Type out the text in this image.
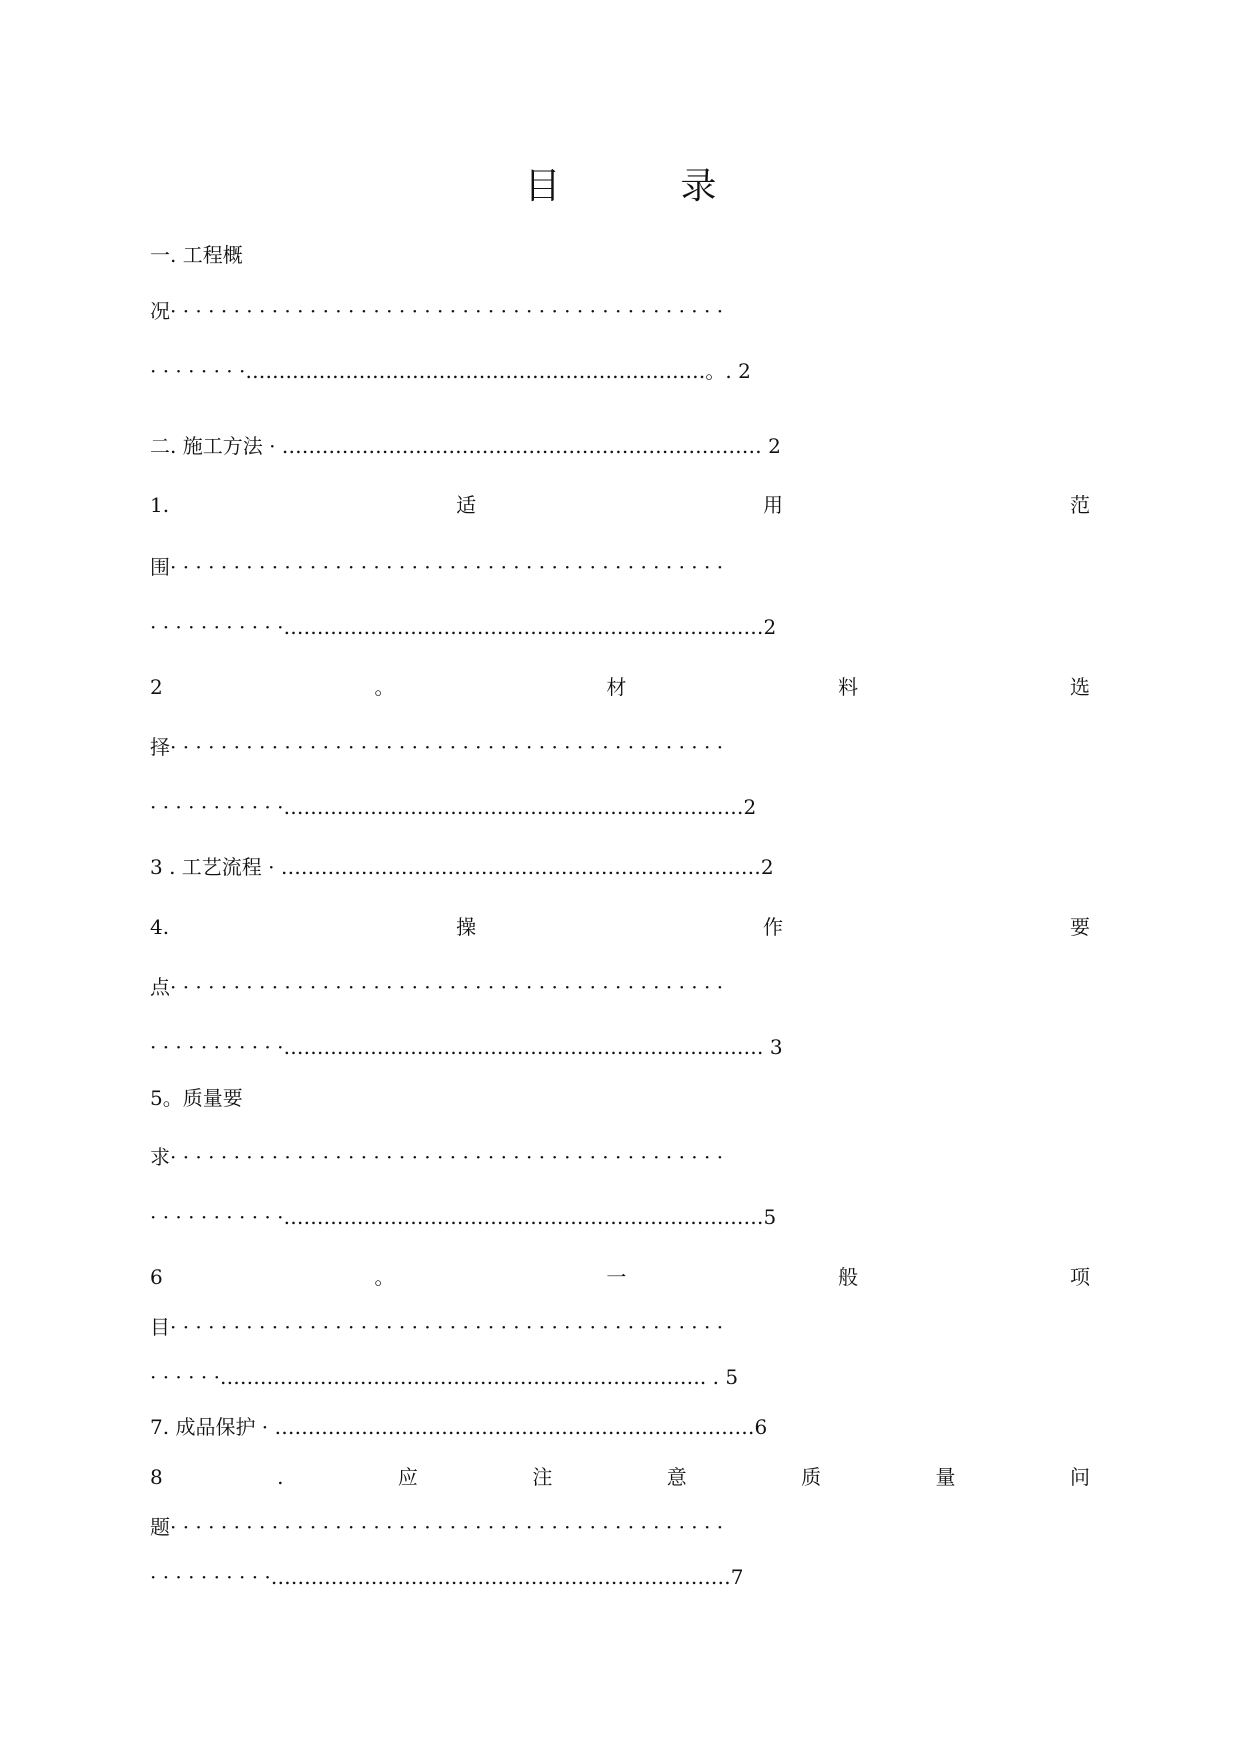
目	录
一. 工程概
况· · · · · · · · · · · · · · · · · · · · · · · · · · · · · · · · · · · · · · · · · · · ·
· · · · · · · ·……………………………………………………………。. 2
二. 施工方法 · ……………………………………………………………… 2
1.	适	用	范
围· · · · · · · · · · · · · · · · · · · · · · · · · · · · · · · · · · · · · · · · · · · ·
· · · · · · · · · · ·………………………………………………………………2
2	。	材	料	选
择· · · · · · · · · · · · · · · · · · · · · · · · · · · · · · · · · · · · · · · · · · · ·
· · · · · · · · · · ·……………………………………………………………2
3 . 工艺流程 · ………………………………………………………………2
4.	操	作	要
点· · · · · · · · · · · · · · · · · · · · · · · · · · · · · · · · · · · · · · · · · · · ·
· · · · · · · · · · ·……………………………………………………………… 3
5。质量要
求· · · · · · · · · · · · · · · · · · · · · · · · · · · · · · · · · · · · · · · · · · · ·
· · · · · · · · · · ·………………………………………………………………5
6	。	一	般	项
目· · · · · · · · · · · · · · · · · · · · · · · · · · · · · · · · · · · · · · · · · · · ·
· · · · · ·………………………………………………………………. . 5
7. 成品保护 · ………………………………………………………………6
8	.	应	注	意	质	量	问
题· · · · · · · · · · · · · · · · · · · · · · · · · · · · · · · · · · · · · · · · · · · ·
· · · · · · · · · ·……………………………………………………………7
